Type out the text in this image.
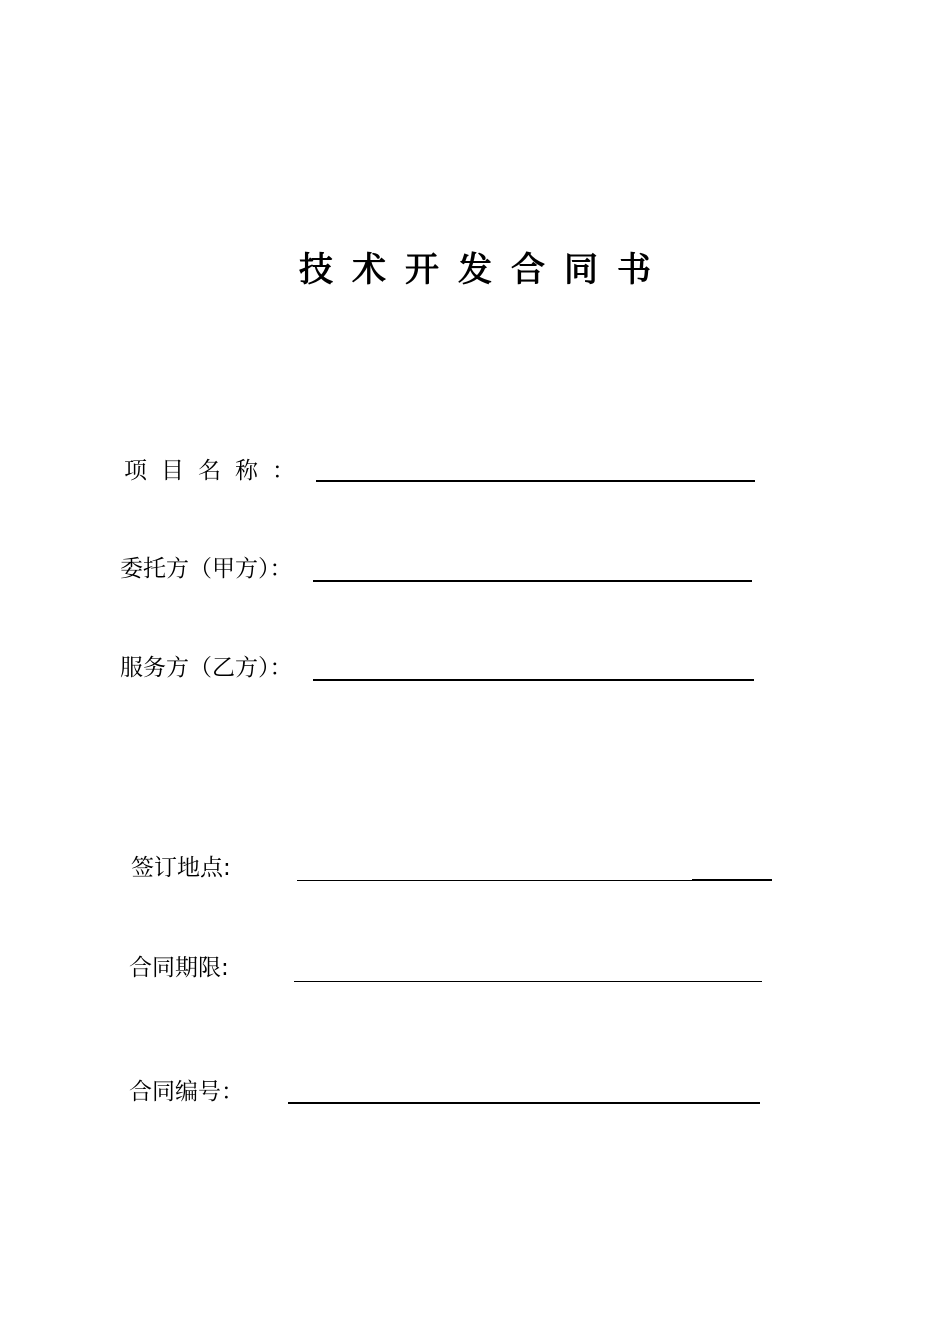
技术开发合同书
项目名称：
委托方（甲方）：
服务方（乙方）：
签订地点:
合同期限:
合同编号：
